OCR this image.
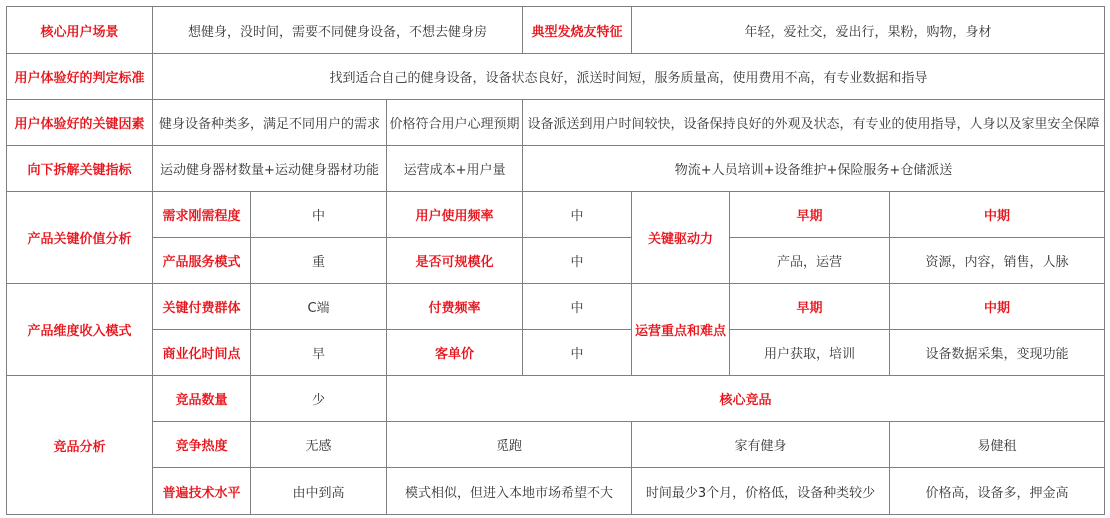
核心用户场景	想健身，没时间，需要不同健身设备，不想去健身房			典型发烧友特征	年轻，爱社交，爱出行，果粉，购物，身材		
用户体验好的判定标准	找到适合自己的健身设备，设备状态良好，派送时间短，服务质量高，使用费用不高，有专业数据和指导						
用户体验好的关键因素	健身设备种类多，满足不同用户的需求		价格符合用户心理预期	设备派送到用户时间较快，设备保持良好的外观及状态，有专业的使用指导，人身以及家里安全保障			
向下拆解关键指标	运动健身器材数量+运动健身器材功能		运营成本+用户量	物流+人员培训+设备维护+保险服务+仓储派送			
产品关键价值分析	需求刚需程度	中	用户使用频率	中	关键驱动力	早期	中期
	产品服务模式	重	是否可规模化	中		产品，运营	资源，内容，销售，人脉
产品维度收入模式	关键付费群体	C端	付费频率	中	运营重点和难点	早期	中期
	商业化时间点	早	客单价	中		用户获取，培训	设备数据采集，变现功能
竞品分析	竞品数量	少	核心竞品				
	竞争热度	无感	觅跑		家有健身		易健租
	普遍技术水平	由中到高	模式相似，但进入本地市场希望不大		时间最少3个月，价格低，设备种类较少		价格高，设备多，押金高
